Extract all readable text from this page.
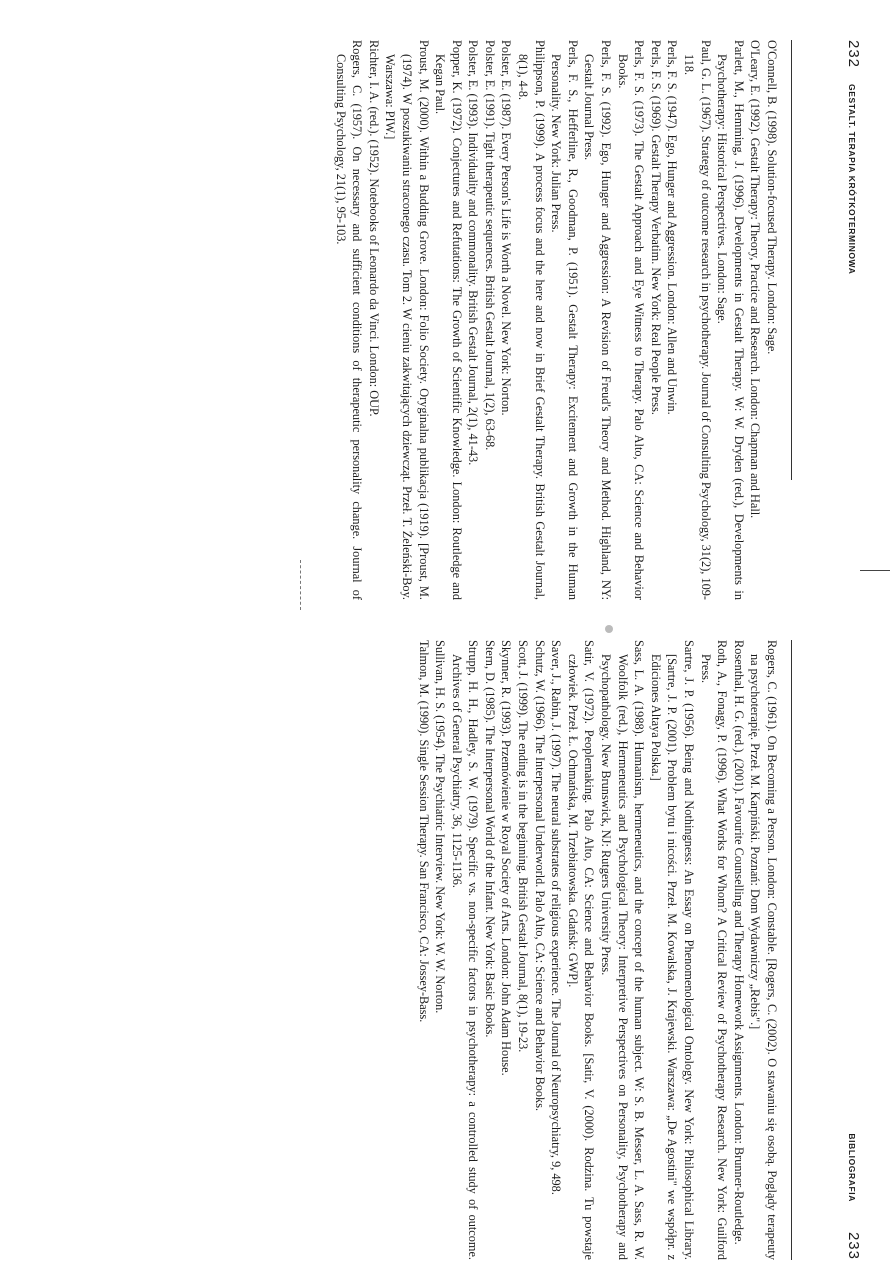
232
GESTALT. TERAPIA KRÓTKOTERMINOWA

O'Connell, B. (1998). Solution-focused Therapy. London: Sage.

O'Leary, E. (1992). Gestalt Therapy: Theory, Practice and Research. London: Chapman and Hall.

Parlett, M., Hemming, J. (1996). Developments in Gestalt Therapy. W: W. Dryden (red.), Developments in Psychotherapy: Historical Perspectives. London: Sage.

Paul, G. L. (1967). Strategy of outcome research in psychotherapy. Journal of Consulting Psychology, 31(2), 109-118.

Perls, F. S. (1947). Ego, Hunger and Aggression. London: Allen and Unwin.

Perls, F. S. (1969). Gestalt Therapy Verbatim. New York: Real People Press.

Perls, F. S. (1973). The Gestalt Approach and Eye Witness to Therapy. Palo Alto, CA: Science and Behavior Books.

Perls, F. S. (1992). Ego, Hunger and Aggression: A Revision of Freud's Theory and Method. Highland, NY: Gestalt Journal Press.

Perls, F. S., Hefferline, R., Goodman, P. (1951). Gestalt Therapy: Excitement and Growth in the Human Personality. New York: Julian Press.

Philippson, P. (1999). A process focus and the here and now in Brief Gestalt Therapy. British Gestalt Journal, 8(1), 4-8.

Polster, E. (1987). Every Person's Life is Worth a Novel. New York: Norton.

Polster, E. (1991). Tight therapeutic sequences. British Gestalt Journal, 1(2), 63-68.

Polster, E. (1993). Individuality and commonality. British Gestalt Journal, 2(1), 41-43.

Popper, K. (1972). Conjectures and Refutations: The Growth of Scientific Knowledge. London: Routledge and Kegan Paul.

Proust, M. (2000). Within a Budding Grove. London: Folio Society. Oryginalna publikacja (1919). [Proust, M. (1974). W poszukiwaniu straconego czasu. Tom 2. W cieniu zakwitających dziewcząt. Przeł. T. Żeleński-Boy. Warszawa: PIW.]

Richter, I. A. (red.). (1952). Notebooks of Leonardo da Vinci. London: OUP.

Rogers, C. (1957). On necessary and sufficient conditions of therapeutic personality change. Journal of Consulting Psychology, 21(1), 95-103.

BIBLIOGRAFIA
233

Rogers, C. (1961). On Becoming a Person. London: Constable. [Rogers, C. (2002). O stawaniu się osobą. Poglądy terapeuty na psychoterapię. Przeł. M. Karpiński. Poznań: Dom Wydawniczy „Rebis".]

Rosenthal, H. G. (red.). (2001). Favourite Counselling and Therapy Homework Assignments. London: Brunner-Routledge.

Roth, A., Fonagy, P. (1996). What Works for Whom? A Critical Review of Psychotherapy Research. New York: Guilford Press.

Sartre, J. P. (1956). Being and Nothingness: An Essay on Phenomenological Ontology. New York: Philosophical Library. [Sartre, J. P. (2001). Problem bytu i nicości. Przeł. M. Kowalska, J. Krajewski. Warszawa: „De Agostini" we współpr. z Ediciones Altaya Polska.]

Sass, L. A. (1988). Humanism, hermeneutics, and the concept of the human subject. W: S. B. Messer, L. A. Sass, R. W. Woolfolk (red.), Hermeneutics and Psychological Theory: Interpretive Perspectives on Personality, Psychotherapy and Psychopathology. New Brunswick, NJ: Rutgers University Press.

Satir, V. (1972). Peoplemaking. Palo Alto, CA: Science and Behavior Books. [Satir, V. (2000). Rodzina. Tu powstaje człowiek. Przeł. Ł. Ochmańska, M. Trzebiatowska. Gdańsk: GWP].

Saver, J., Rabin, J. (1997). The neural substrates of religious experience. The Journal of Neuropsychiatry, 9, 498.

Schutz, W. (1966). The Interpersonal Underworld. Palo Alto, CA: Science and Behavior Books.

Scott, J. (1999). The ending is in the beginning. British Gestalt Journal, 8(1), 19-23.

Skynner, R. (1993). Przemówienie w Royal Society of Arts. London: John Adam House.

Stern, D. (1985). The Interpersonal World of the Infant. New York: Basic Books.

Strupp, H. H., Hadley, S. W. (1979). Specific vs. non-specific factors in psychotherapy: a controlled study of outcome. Archives of General Psychiatry, 36, 1125-1136.

Sullivan, H. S. (1954). The Psychiatric Interview. New York: W. W. Norton.

Talmon, M. (1990). Single Session Therapy. San Francisco, CA: Jossey-Bass.
